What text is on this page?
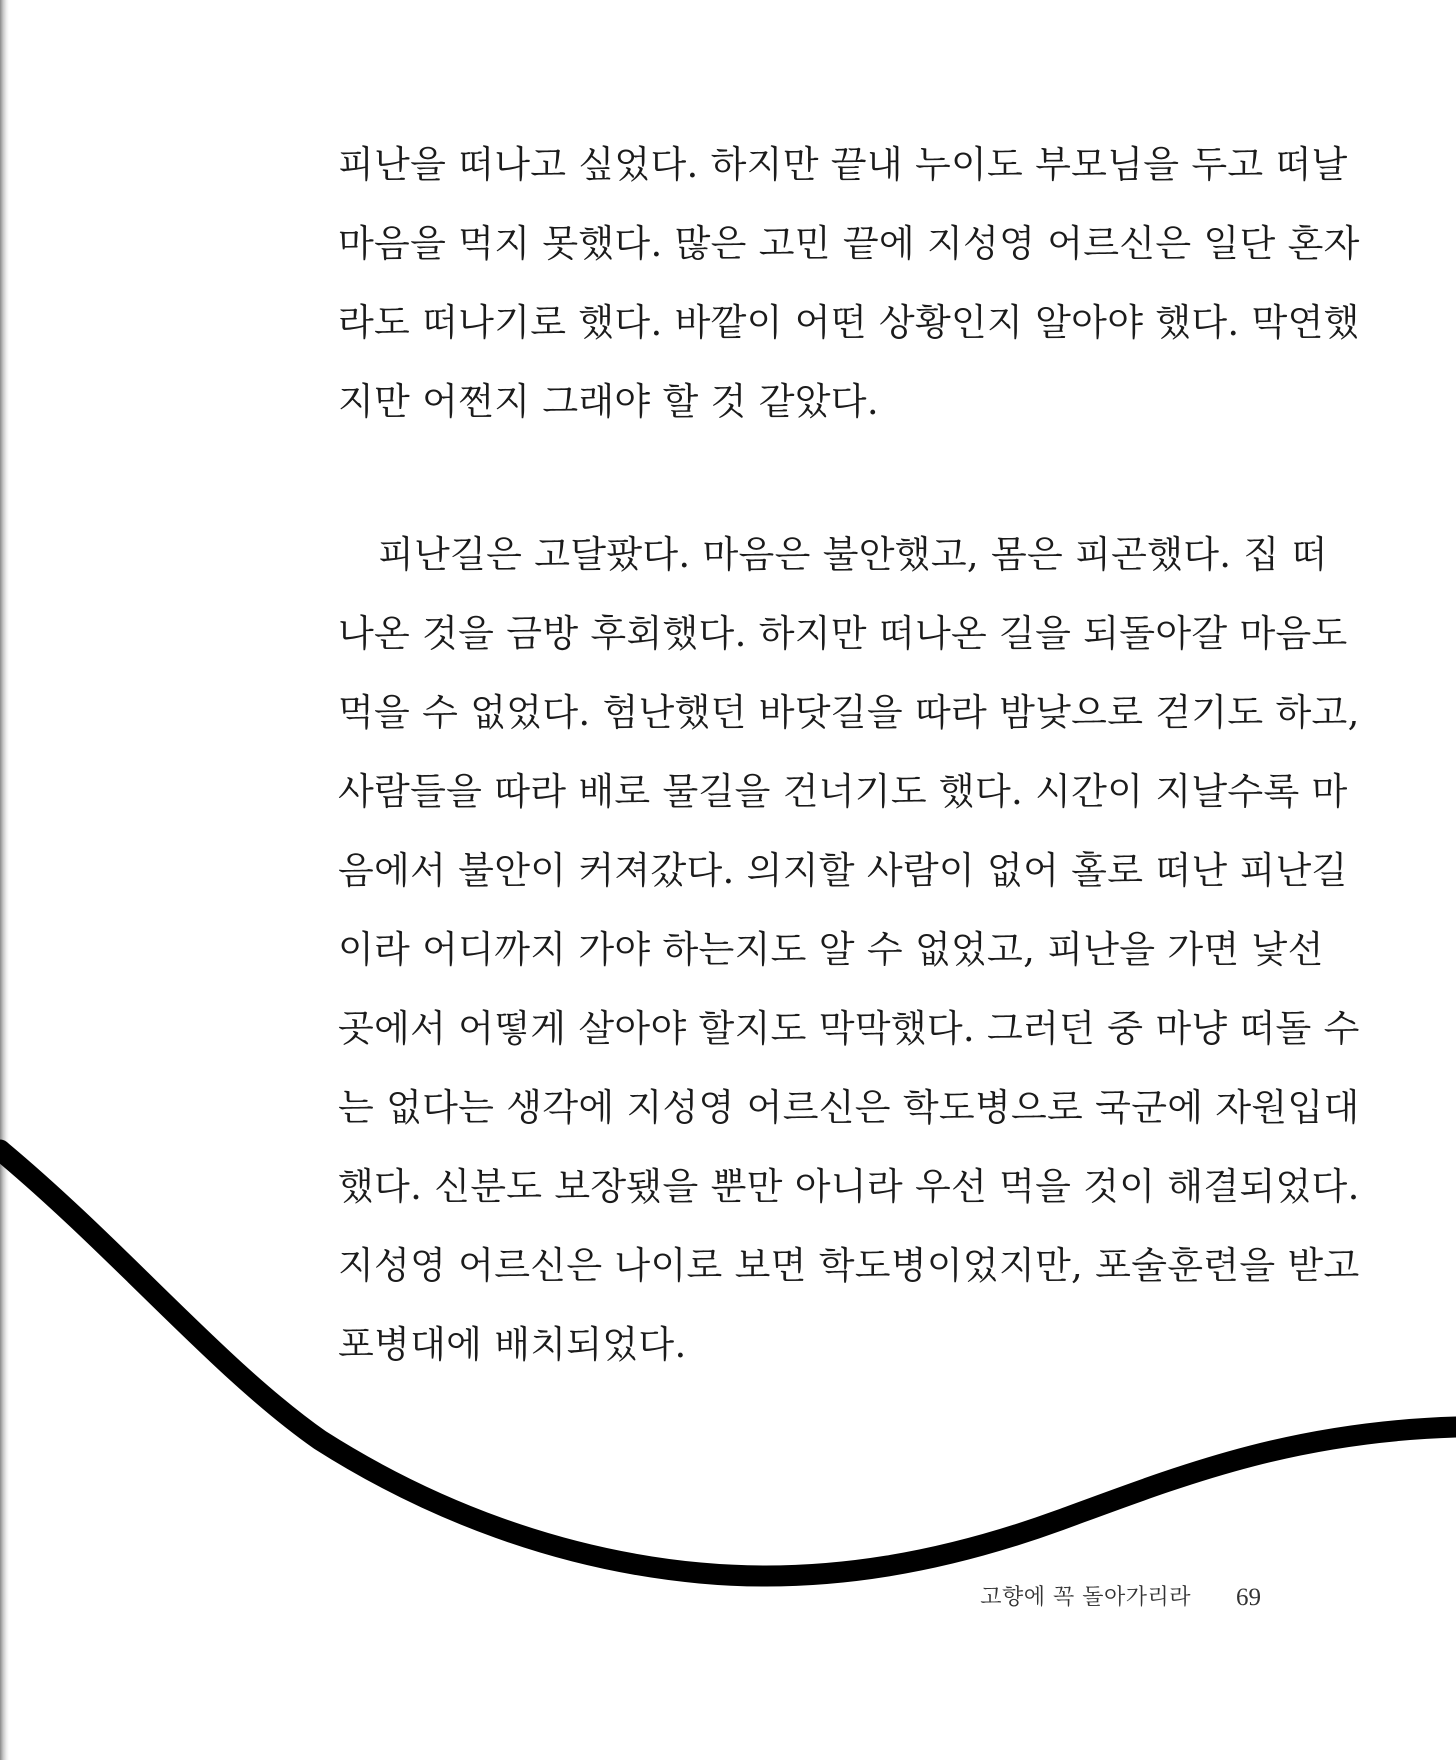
피난을 떠나고 싶었다. 하지만 끝내 누이도 부모님을 두고 떠날
마음을 먹지 못했다. 많은 고민 끝에 지성영 어르신은 일단 혼자
라도 떠나기로 했다. 바깥이 어떤 상황인지 알아야 했다. 막연했
지만 어쩐지 그래야 할 것 같았다.
피난길은 고달팠다. 마음은 불안했고, 몸은 피곤했다. 집 떠
나온 것을 금방 후회했다. 하지만 떠나온 길을 되돌아갈 마음도
먹을 수 없었다. 험난했던 바닷길을 따라 밤낮으로 걷기도 하고,
사람들을 따라 배로 물길을 건너기도 했다. 시간이 지날수록 마
음에서 불안이 커져갔다. 의지할 사람이 없어 홀로 떠난 피난길
이라 어디까지 가야 하는지도 알 수 없었고, 피난을 가면 낯선
곳에서 어떻게 살아야 할지도 막막했다. 그러던 중 마냥 떠돌 수
는 없다는 생각에 지성영 어르신은 학도병으로 국군에 자원입대
했다. 신분도 보장됐을 뿐만 아니라 우선 먹을 것이 해결되었다.
지성영 어르신은 나이로 보면 학도병이었지만, 포술훈련을 받고
포병대에 배치되었다.
고향에 꼭 돌아가리라 69
